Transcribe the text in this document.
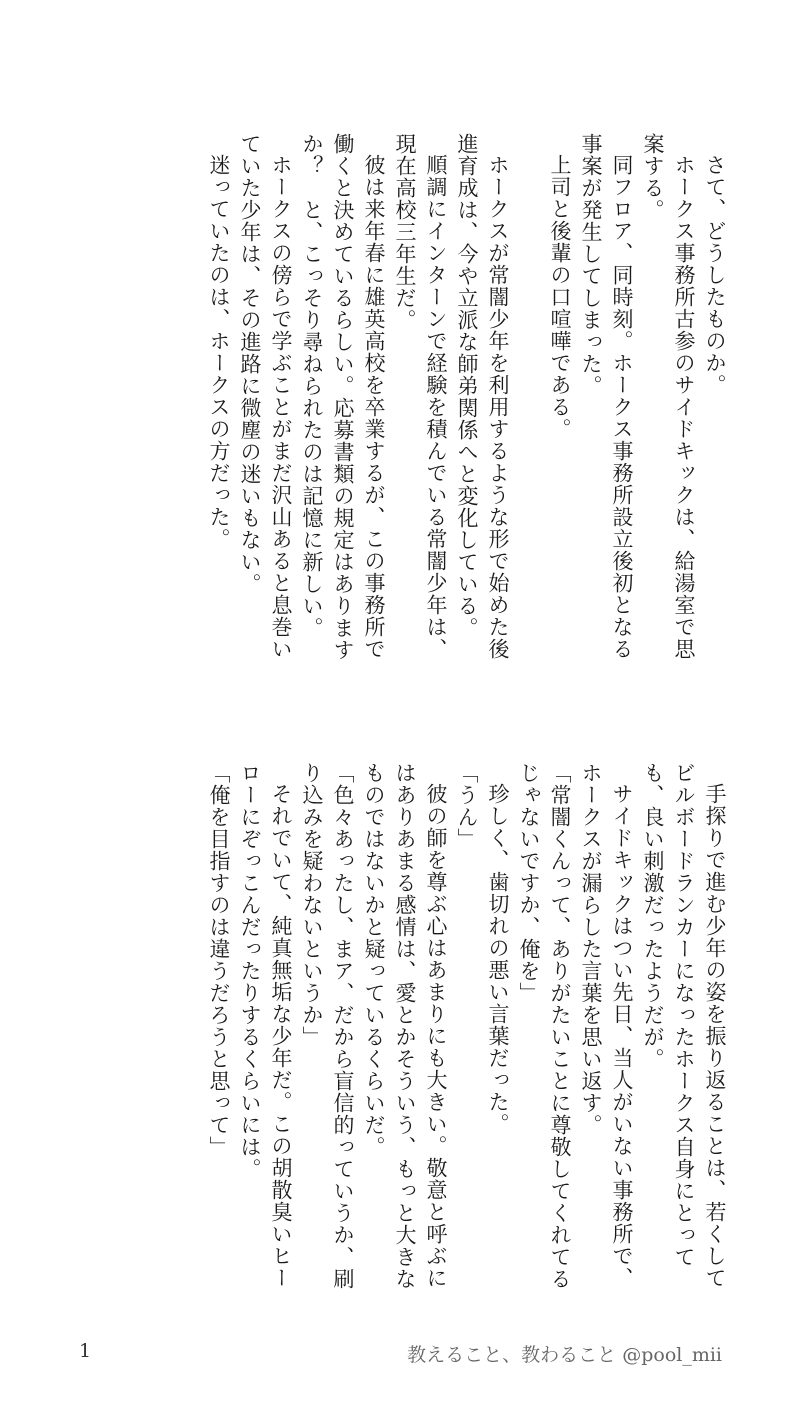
さて、どうしたものか。

ホークス事務所古参のサイドキックは、給湯室で思案する。

同フロア、同時刻。ホークス事務所設立後初となる事案が発生してしまった。

上司と後輩の口喧嘩である。

ホークスが常闇少年を利用するような形で始めた後進育成は、今や立派な師弟関係へと変化している。

順調にインターンで経験を積んでいる常闇少年は、現在高校三年生だ。

彼は来年春に雄英高校を卒業するが、この事務所で働くと決めているらしい。応募書類の規定はありますか？　と、こっそり尋ねられたのは記憶に新しい。

ホークスの傍らで学ぶことがまだ沢山あると息巻いていた少年は、その進路に微塵の迷いもない。

迷っていたのは、ホークスの方だった。

手探りで進む少年の姿を振り返ることは、若くしてビルボードランカーになったホークス自身にとっても、良い刺激だったようだが。

サイドキックはつい先日、当人がいない事務所で、ホークスが漏らした言葉を思い返す。

「常闇くんって、ありがたいことに尊敬してくれてるじゃないですか、俺を」

珍しく、歯切れの悪い言葉だった。

「うん」

彼の師を尊ぶ心はあまりにも大きい。敬意と呼ぶにはありあまる感情は、愛とかそういう、もっと大きなものではないかと疑っているくらいだ。

「色々あったし、まア、だから盲信的っていうか、刷り込みを疑わないというか」

それでいて、純真無垢な少年だ。この胡散臭いヒーローにぞっこんだったりするくらいには。

「俺を目指すのは違うだろうと思って」

1	教えること、教わること @pool_mii
